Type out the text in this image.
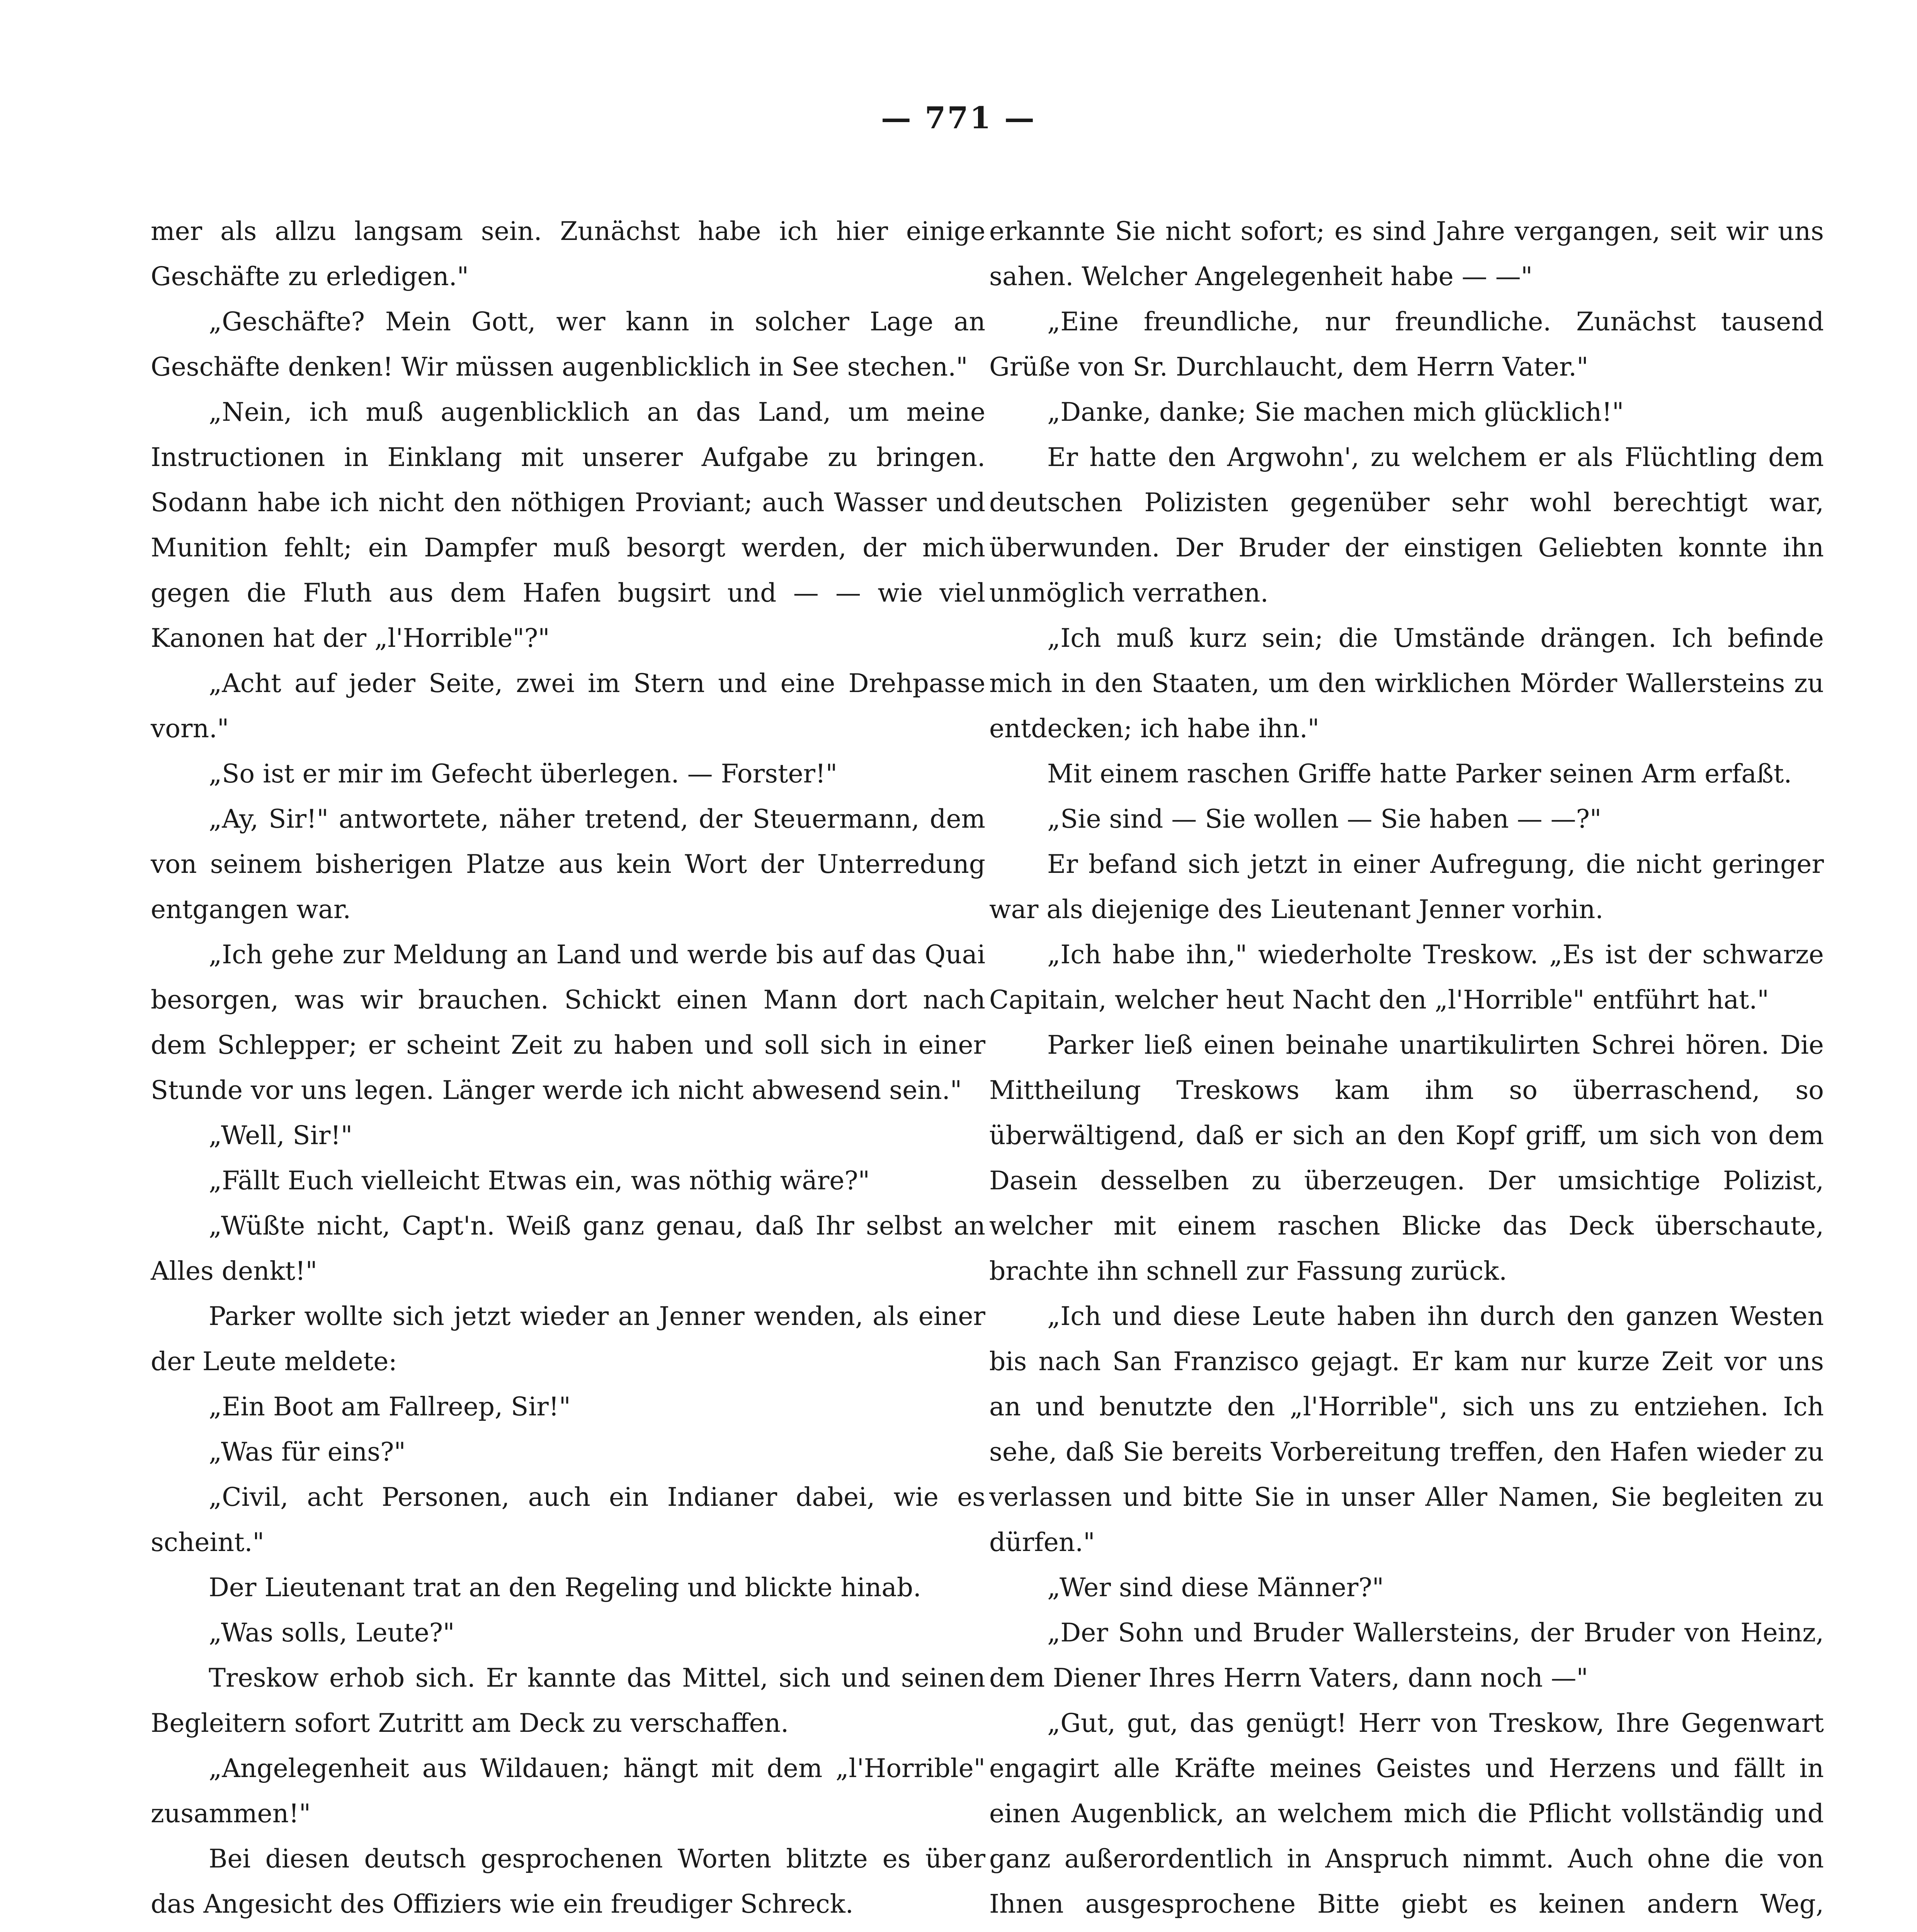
— 771 —

mer als allzu langsam sein. Zunächst habe ich hier einige Geschäfte zu erledigen."

„Geschäfte? Mein Gott, wer kann in solcher Lage an Geschäfte denken! Wir müssen augenblicklich in See stechen."

„Nein, ich muß augenblicklich an das Land, um meine Instructionen in Einklang mit unserer Aufgabe zu bringen. Sodann habe ich nicht den nöthigen Proviant; auch Wasser und Munition fehlt; ein Dampfer muß besorgt werden, der mich gegen die Fluth aus dem Hafen bugsirt und — — wie viel Kanonen hat der „l'Horrible"?"

„Acht auf jeder Seite, zwei im Stern und eine Drehpasse vorn."

„So ist er mir im Gefecht überlegen. — Forster!"

„Ay, Sir!" antwortete, näher tretend, der Steuermann, dem von seinem bisherigen Platze aus kein Wort der Unterredung entgangen war.

„Ich gehe zur Meldung an Land und werde bis auf das Quai besorgen, was wir brauchen. Schickt einen Mann dort nach dem Schlepper; er scheint Zeit zu haben und soll sich in einer Stunde vor uns legen. Länger werde ich nicht abwesend sein."

„Well, Sir!"

„Fällt Euch vielleicht Etwas ein, was nöthig wäre?"

„Wüßte nicht, Capt'n. Weiß ganz genau, daß Ihr selbst an Alles denkt!"

Parker wollte sich jetzt wieder an Jenner wenden, als einer der Leute meldete:

„Ein Boot am Fallreep, Sir!"

„Was für eins?"

„Civil, acht Personen, auch ein Indianer dabei, wie es scheint."

Der Lieutenant trat an den Regeling und blickte hinab.

„Was solls, Leute?"

Treskow erhob sich. Er kannte das Mittel, sich und seinen Begleitern sofort Zutritt am Deck zu verschaffen.

„Angelegenheit aus Wildauen; hängt mit dem „l'Horrible" zusammen!"

Bei diesen deutsch gesprochenen Worten blitzte es über das Angesicht des Offiziers wie ein freudiger Schreck.

erkannte Sie nicht sofort; es sind Jahre vergangen, seit wir uns sahen. Welcher Angelegenheit habe — —"

„Eine freundliche, nur freundliche. Zunächst tausend Grüße von Sr. Durchlaucht, dem Herrn Vater."

„Danke, danke; Sie machen mich glücklich!"

Er hatte den Argwohn', zu welchem er als Flüchtling dem deutschen Polizisten gegenüber sehr wohl berechtigt war, überwunden. Der Bruder der einstigen Geliebten konnte ihn unmöglich verrathen.

„Ich muß kurz sein; die Umstände drängen. Ich befinde mich in den Staaten, um den wirklichen Mörder Wallersteins zu entdecken; ich habe ihn."

Mit einem raschen Griffe hatte Parker seinen Arm erfaßt.

„Sie sind — Sie wollen — Sie haben — —?"

Er befand sich jetzt in einer Aufregung, die nicht geringer war als diejenige des Lieutenant Jenner vorhin.

„Ich habe ihn," wiederholte Treskow. „Es ist der schwarze Capitain, welcher heut Nacht den „l'Horrible" entführt hat."

Parker ließ einen beinahe unartikulirten Schrei hören. Die Mittheilung Treskows kam ihm so überraschend, so überwältigend, daß er sich an den Kopf griff, um sich von dem Dasein desselben zu überzeugen. Der umsichtige Polizist, welcher mit einem raschen Blicke das Deck überschaute, brachte ihn schnell zur Fassung zurück.

„Ich und diese Leute haben ihn durch den ganzen Westen bis nach San Franzisco gejagt. Er kam nur kurze Zeit vor uns an und benutzte den „l'Horrible", sich uns zu entziehen. Ich sehe, daß Sie bereits Vorbereitung treffen, den Hafen wieder zu verlassen und bitte Sie in unser Aller Namen, Sie begleiten zu dürfen."

„Wer sind diese Männer?"

„Der Sohn und Bruder Wallersteins, der Bruder von Heinz, dem Diener Ihres Herrn Vaters, dann noch —"

„Gut, gut, das genügt! Herr von Treskow, Ihre Gegenwart engagirt alle Kräfte meines Geistes und Herzens und fällt in einen Augenblick, an welchem mich die Pflicht vollständig und ganz außerordentlich in Anspruch nimmt. Auch ohne die von Ihnen ausgesprochene Bitte giebt es keinen andern Weg,
